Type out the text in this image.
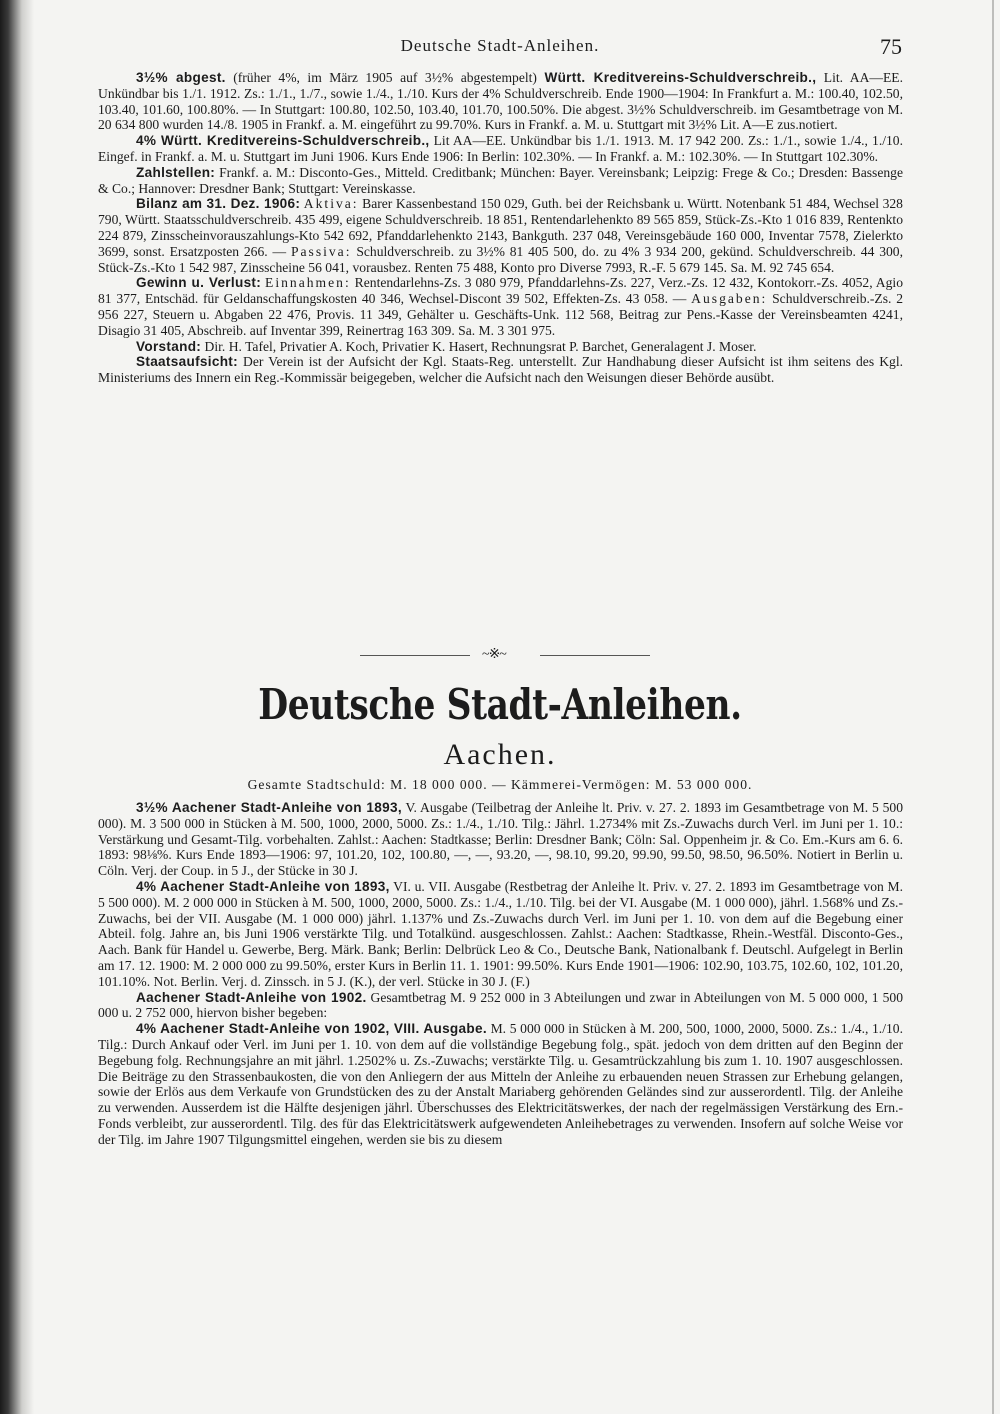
Deutsche Stadt-Anleihen.	75

3½% abgest. (früher 4%, im März 1905 auf 3½% abgestempelt) Württ. Kreditvereins-Schuldverschreib., Lit. AA—EE. Unkündbar bis 1./1. 1912. Zs.: 1./1., 1./7., sowie 1./4., 1./10. Kurs der 4% Schuldverschreib. Ende 1900—1904: In Frankfurt a. M.: 100.40, 102.50, 103.40, 101.60, 100.80%. — In Stuttgart: 100.80, 102.50, 103.40, 101.70, 100.50%. Die abgest. 3½% Schuldverschreib. im Gesamtbetrage von M. 20 634 800 wurden 14./8. 1905 in Frankf. a. M. eingeführt zu 99.70%. Kurs in Frankf. a. M. u. Stuttgart mit 3½% Lit. A—E zus.notiert.

4% Württ. Kreditvereins-Schuldverschreib., Lit AA—EE. Unkündbar bis 1./1. 1913. M. 17 942 200. Zs.: 1./1., sowie 1./4., 1./10. Eingef. in Frankf. a. M. u. Stuttgart im Juni 1906. Kurs Ende 1906: In Berlin: 102.30%. — In Frankf. a. M.: 102.30%. — In Stuttgart 102.30%.

Zahlstellen: Frankf. a. M.: Disconto-Ges., Mitteld. Creditbank; München: Bayer. Vereinsbank; Leipzig: Frege & Co.; Dresden: Bassenge & Co.; Hannover: Dresdner Bank; Stuttgart: Vereinskasse.

Bilanz am 31. Dez. 1906: Aktiva: Barer Kassenbestand 150 029, Guth. bei der Reichsbank u. Württ. Notenbank 51 484, Wechsel 328 790, Württ. Staatsschuldverschreib. 435 499, eigene Schuldverschreib. 18 851, Rentendarlehenkto 89 565 859, Stück-Zs.-Kto 1 016 839, Rentenkto 224 879, Zinsscheinvorauszahlungs-Kto 542 692, Pfanddarlehenkto 2143, Bankguth. 237 048, Vereinsgebäude 160 000, Inventar 7578, Zielerkto 3699, sonst. Ersatzposten 266. — Passiva: Schuldverschreib. zu 3½% 81 405 500, do. zu 4% 3 934 200, gekünd. Schuldverschreib. 44 300, Stück-Zs.-Kto 1 542 987, Zinsscheine 56 041, vorausbez. Renten 75 488, Konto pro Diverse 7993, R.-F. 5 679 145. Sa. M. 92 745 654.

Gewinn u. Verlust: Einnahmen: Rentendarlehns-Zs. 3 080 979, Pfanddarlehns-Zs. 227, Verz.-Zs. 12 432, Kontokorr.-Zs. 4052, Agio 81 377, Entschäd. für Geldanschaffungskosten 40 346, Wechsel-Discont 39 502, Effekten-Zs. 43 058. — Ausgaben: Schuldverschreib.-Zs. 2 956 227, Steuern u. Abgaben 22 476, Provis. 11 349, Gehälter u. Geschäfts-Unk. 112 568, Beitrag zur Pens.-Kasse der Vereinsbeamten 4241, Disagio 31 405, Abschreib. auf Inventar 399, Reinertrag 163 309. Sa. M. 3 301 975.

Vorstand: Dir. H. Tafel, Privatier A. Koch, Privatier K. Hasert, Rechnungsrat P. Barchet, Generalagent J. Moser.

Staatsaufsicht: Der Verein ist der Aufsicht der Kgl. Staats-Reg. unterstellt. Zur Handhabung dieser Aufsicht ist ihm seitens des Kgl. Ministeriums des Innern ein Reg.-Kommissär beigegeben, welcher die Aufsicht nach den Weisungen dieser Behörde ausübt.

~※~
Deutsche Stadt-Anleihen.
Aachen.
Gesamte Stadtschuld: M. 18 000 000. — Kämmerei-Vermögen: M. 53 000 000.

3½% Aachener Stadt-Anleihe von 1893, V. Ausgabe (Teilbetrag der Anleihe lt. Priv. v. 27. 2. 1893 im Gesamtbetrage von M. 5 500 000). M. 3 500 000 in Stücken à M. 500, 1000, 2000, 5000. Zs.: 1./4., 1./10. Tilg.: Jährl. 1.2734% mit Zs.-Zuwachs durch Verl. im Juni per 1. 10.: Verstärkung und Gesamt-Tilg. vorbehalten. Zahlst.: Aachen: Stadtkasse; Berlin: Dresdner Bank; Cöln: Sal. Oppenheim jr. & Co. Em.-Kurs am 6. 6. 1893: 98⅛%. Kurs Ende 1893—1906: 97, 101.20, 102, 100.80, —, —, 93.20, —, 98.10, 99.20, 99.90, 99.50, 98.50, 96.50%. Notiert in Berlin u. Cöln. Verj. der Coup. in 5 J., der Stücke in 30 J.

4% Aachener Stadt-Anleihe von 1893, VI. u. VII. Ausgabe (Restbetrag der Anleihe lt. Priv. v. 27. 2. 1893 im Gesamtbetrage von M. 5 500 000). M. 2 000 000 in Stücken à M. 500, 1000, 2000, 5000. Zs.: 1./4., 1./10. Tilg. bei der VI. Ausgabe (M. 1 000 000), jährl. 1.568% und Zs.-Zuwachs, bei der VII. Ausgabe (M. 1 000 000) jährl. 1.137% und Zs.-Zuwachs durch Verl. im Juni per 1. 10. von dem auf die Begebung einer Abteil. folg. Jahre an, bis Juni 1906 verstärkte Tilg. und Totalkünd. ausgeschlossen. Zahlst.: Aachen: Stadtkasse, Rhein.-Westfäl. Disconto-Ges., Aach. Bank für Handel u. Gewerbe, Berg. Märk. Bank; Berlin: Delbrück Leo & Co., Deutsche Bank, Nationalbank f. Deutschl. Aufgelegt in Berlin am 17. 12. 1900: M. 2 000 000 zu 99.50%, erster Kurs in Berlin 11. 1. 1901: 99.50%. Kurs Ende 1901—1906: 102.90, 103.75, 102.60, 102, 101.20, 101.10%. Not. Berlin. Verj. d. Zinssch. in 5 J. (K.), der verl. Stücke in 30 J. (F.)

Aachener Stadt-Anleihe von 1902. Gesamtbetrag M. 9 252 000 in 3 Abteilungen und zwar in Abteilungen von M. 5 000 000, 1 500 000 u. 2 752 000, hiervon bisher begeben:

4% Aachener Stadt-Anleihe von 1902, VIII. Ausgabe. M. 5 000 000 in Stücken à M. 200, 500, 1000, 2000, 5000. Zs.: 1./4., 1./10. Tilg.: Durch Ankauf oder Verl. im Juni per 1. 10. von dem auf die vollständige Begebung folg., spät. jedoch von dem dritten auf den Beginn der Begebung folg. Rechnungsjahre an mit jährl. 1.2502% u. Zs.-Zuwachs; verstärkte Tilg. u. Gesamtrückzahlung bis zum 1. 10. 1907 ausgeschlossen. Die Beiträge zu den Strassenbaukosten, die von den Anliegern der aus Mitteln der Anleihe zu erbauenden neuen Strassen zur Erhebung gelangen, sowie der Erlös aus dem Verkaufe von Grundstücken des zu der Anstalt Mariaberg gehörenden Geländes sind zur ausserordentl. Tilg. der Anleihe zu verwenden. Ausserdem ist die Hälfte desjenigen jährl. Überschusses des Elektricitätswerkes, der nach der regelmässigen Verstärkung des Ern.-Fonds verbleibt, zur ausserordentl. Tilg. des für das Elektricitätswerk aufgewendeten Anleihebetrages zu verwenden. Insofern auf solche Weise vor der Tilg. im Jahre 1907 Tilgungsmittel eingehen, werden sie bis zu diesem
